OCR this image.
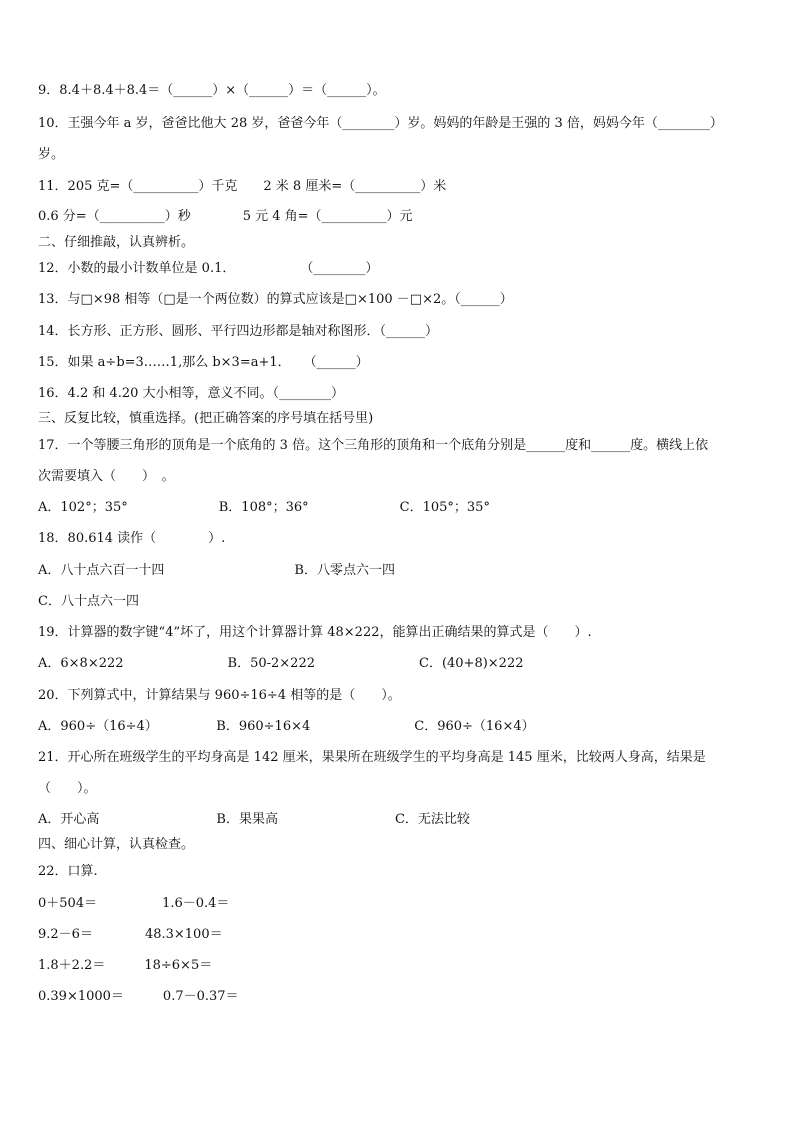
9．8.4＋8.4＋8.4＝（______）×（______）＝（______）。
10．王强今年 a 岁，爸爸比他大 28 岁，爸爸今年（________）岁。妈妈的年龄是王强的 3 倍，妈妈今年（________）
岁。
11．205 克=（__________）千克　　2 米 8 厘米=（__________）米
0.6 分=（__________）秒　　　　5 元 4 角=（__________）元
二、仔细推敲，认真辨析。
12．小数的最小计数单位是 0.1．　　　　　　（________）
13．与□×98 相等（□是一个两位数）的算式应该是□×100 －□×2。（______）
14．长方形、正方形、圆形、平行四边形都是轴对称图形．（______）
15．如果 a÷b=3……1,那么 b×3=a+1．　　（______）
16．4.2 和 4.20 大小相等，意义不同。（________）
三、反复比较，慎重选择。(把正确答案的序号填在括号里)
17．一个等腰三角形的顶角是一个底角的 3 倍。这个三角形的顶角和一个底角分别是______度和______度。横线上依
次需要填入（　　）　。
A．102°；35°　　　　　　　B．108°；36°　　　　　　　C．105°；35°
18．80.614 读作（　　　　）.
A．八十点六百一十四　　　　　　　　　　B．八零点六一四
C．八十点六一四
19．计算器的数字键“4”坏了，用这个计算器计算 48×222，能算出正确结果的算式是（　　）.
A．6×8×222　　　　　　　　B．50-2×222　　　　　　　　C．(40+8)×222
20．下列算式中，计算结果与 960÷16÷4 相等的是（　　）。
A．960÷（16÷4）　　　　　B．960÷16×4　　　　　　　　C．960÷（16×4）
21．开心所在班级学生的平均身高是 142 厘米，果果所在班级学生的平均身高是 145 厘米，比较两人身高，结果是
（　　）。
A．开心高　　　　　　　　　B．果果高　　　　　　　　　C．无法比较
四、细心计算，认真检查。
22．口算.
0＋504＝　　　　　1.6－0.4＝
9.2－6＝　　　　48.3×100＝
1.8＋2.2＝　　　18÷6×5＝
0.39×1000＝　　　0.7－0.37＝
